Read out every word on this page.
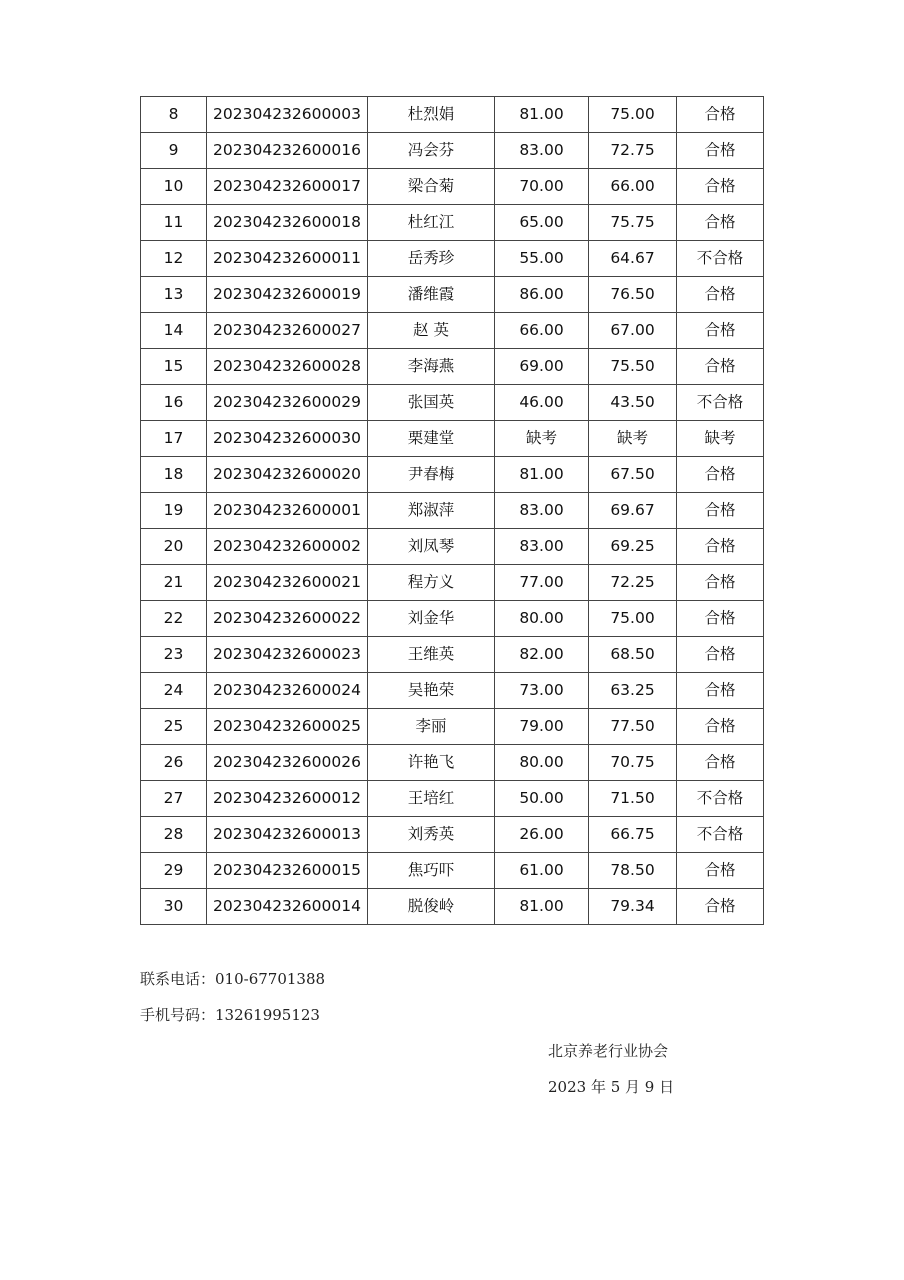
8	202304232600003	杜烈娟	81.00	75.00	合格
9	202304232600016	冯会芬	83.00	72.75	合格
10	202304232600017	梁合菊	70.00	66.00	合格
11	202304232600018	杜红江	65.00	75.75	合格
12	202304232600011	岳秀珍	55.00	64.67	不合格
13	202304232600019	潘维霞	86.00	76.50	合格
14	202304232600027	赵 英	66.00	67.00	合格
15	202304232600028	李海燕	69.00	75.50	合格
16	202304232600029	张国英	46.00	43.50	不合格
17	202304232600030	栗建堂	缺考	缺考	缺考
18	202304232600020	尹春梅	81.00	67.50	合格
19	202304232600001	郑淑萍	83.00	69.67	合格
20	202304232600002	刘凤琴	83.00	69.25	合格
21	202304232600021	程方义	77.00	72.25	合格
22	202304232600022	刘金华	80.00	75.00	合格
23	202304232600023	王维英	82.00	68.50	合格
24	202304232600024	吴艳荣	73.00	63.25	合格
25	202304232600025	李丽	79.00	77.50	合格
26	202304232600026	许艳飞	80.00	70.75	合格
27	202304232600012	王培红	50.00	71.50	不合格
28	202304232600013	刘秀英	26.00	66.75	不合格
29	202304232600015	焦巧吓	61.00	78.50	合格
30	202304232600014	脱俊岭	81.00	79.34	合格
联系电话：010-67701388
手机号码：13261995123
北京养老行业协会
2023 年 5 月 9 日
